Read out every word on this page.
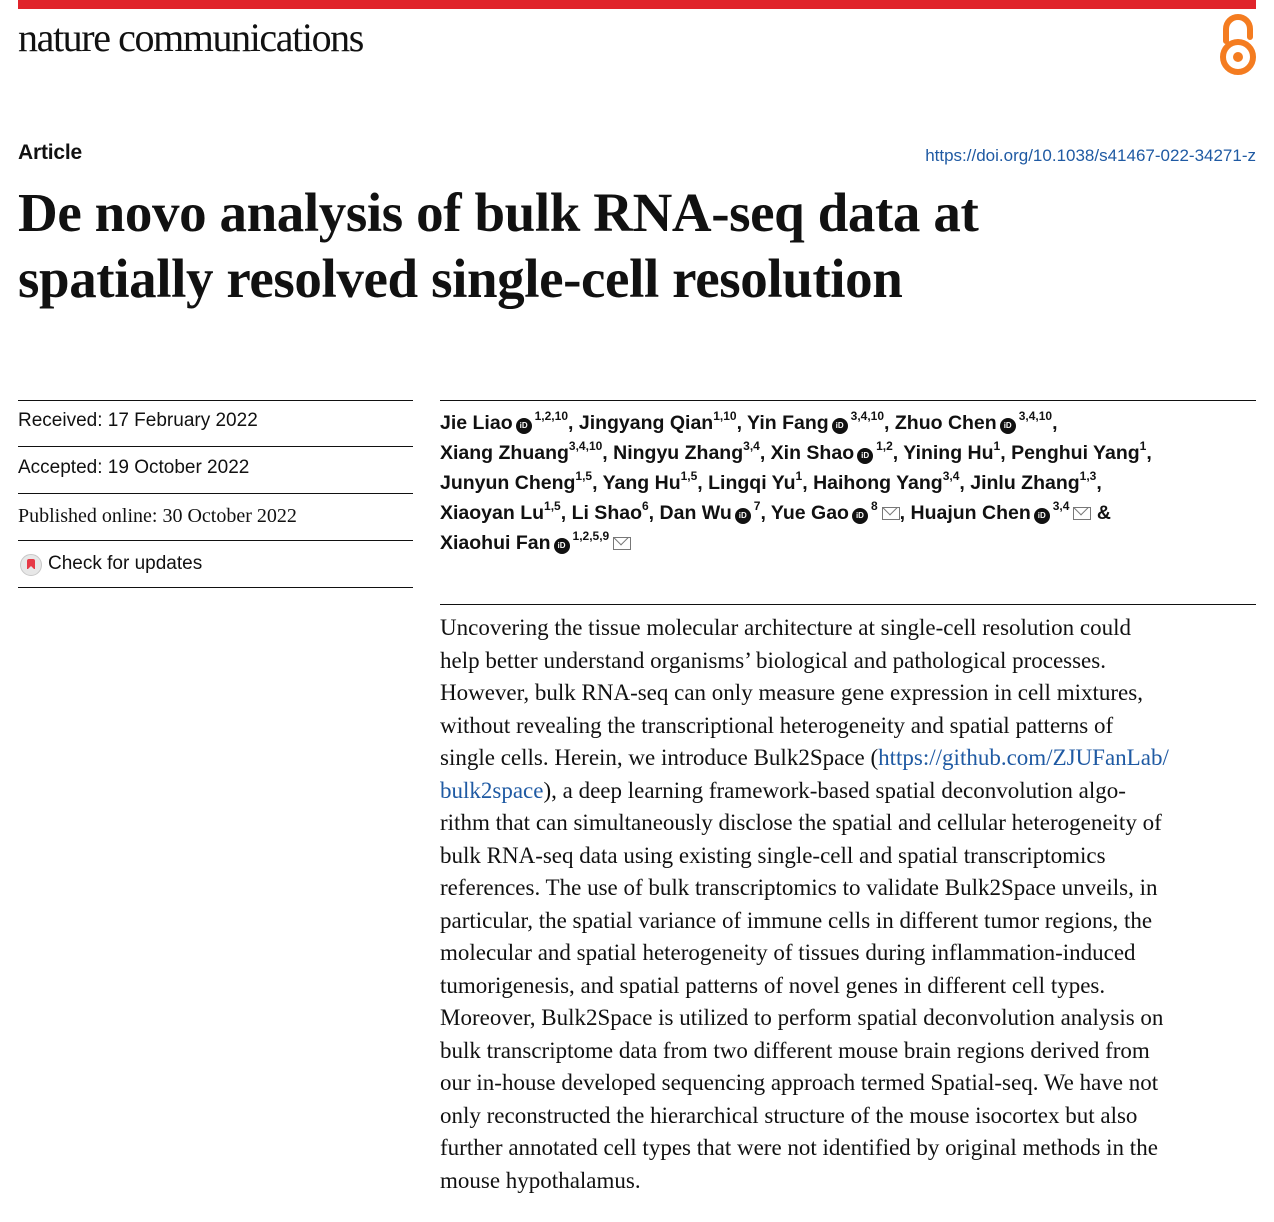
nature communications
Article	https://doi.org/10.1038/s41467-022-34271-z
De novo analysis of bulk RNA-seq data at
spatially resolved single-cell resolution
Received: 17 February 2022
Accepted: 19 October 2022
Published online: 30 October 2022
Check for updates
Jie Liao iD$^{1,2,10}$, Jingyang Qian$^{1,10}$, Yin Fang iD$^{3,4,10}$, Zhuo Chen iD$^{3,4,10}$,
Xiang Zhuang$^{3,4,10}$, Ningyu Zhang$^{3,4}$, Xin Shao iD$^{1,2}$, Yining Hu$^1$, Penghui Yang$^1$,
Junyun Cheng$^{1,5}$, Yang Hu$^{1,5}$, Lingqi Yu$^1$, Haihong Yang$^{3,4}$, Jinlu Zhang$^{1,3}$,
Xiaoyan Lu$^{1,5}$, Li Shao$^6$, Dan Wu $iD^7$, Yue Gao $iD^8$ , Huajun Chen iD$^{3,4}$ &
Xiaohui Fan iD$^{1,2,5,9}$
Uncovering the tissue molecular architecture at single-cell resolution could
help better understand organisms’ biological and pathological processes.
However, bulk RNA-seq can only measure gene expression in cell mixtures,
without revealing the transcriptional heterogeneity and spatial patterns of
single cells. Herein, we introduce Bulk2Space (https://github.com/ZJUFanLab/
bulk2space), a deep learning framework-based spatial deconvolution algo-
rithm that can simultaneously disclose the spatial and cellular heterogeneity of
bulk RNA-seq data using existing single-cell and spatial transcriptomics
references. The use of bulk transcriptomics to validate Bulk2Space unveils, in
particular, the spatial variance of immune cells in different tumor regions, the
molecular and spatial heterogeneity of tissues during inflammation-induced
tumorigenesis, and spatial patterns of novel genes in different cell types.
Moreover, Bulk2Space is utilized to perform spatial deconvolution analysis on
bulk transcriptome data from two different mouse brain regions derived from
our in-house developed sequencing approach termed Spatial-seq. We have not
only reconstructed the hierarchical structure of the mouse isocortex but also
further annotated cell types that were not identified by original methods in the
mouse hypothalamus.
